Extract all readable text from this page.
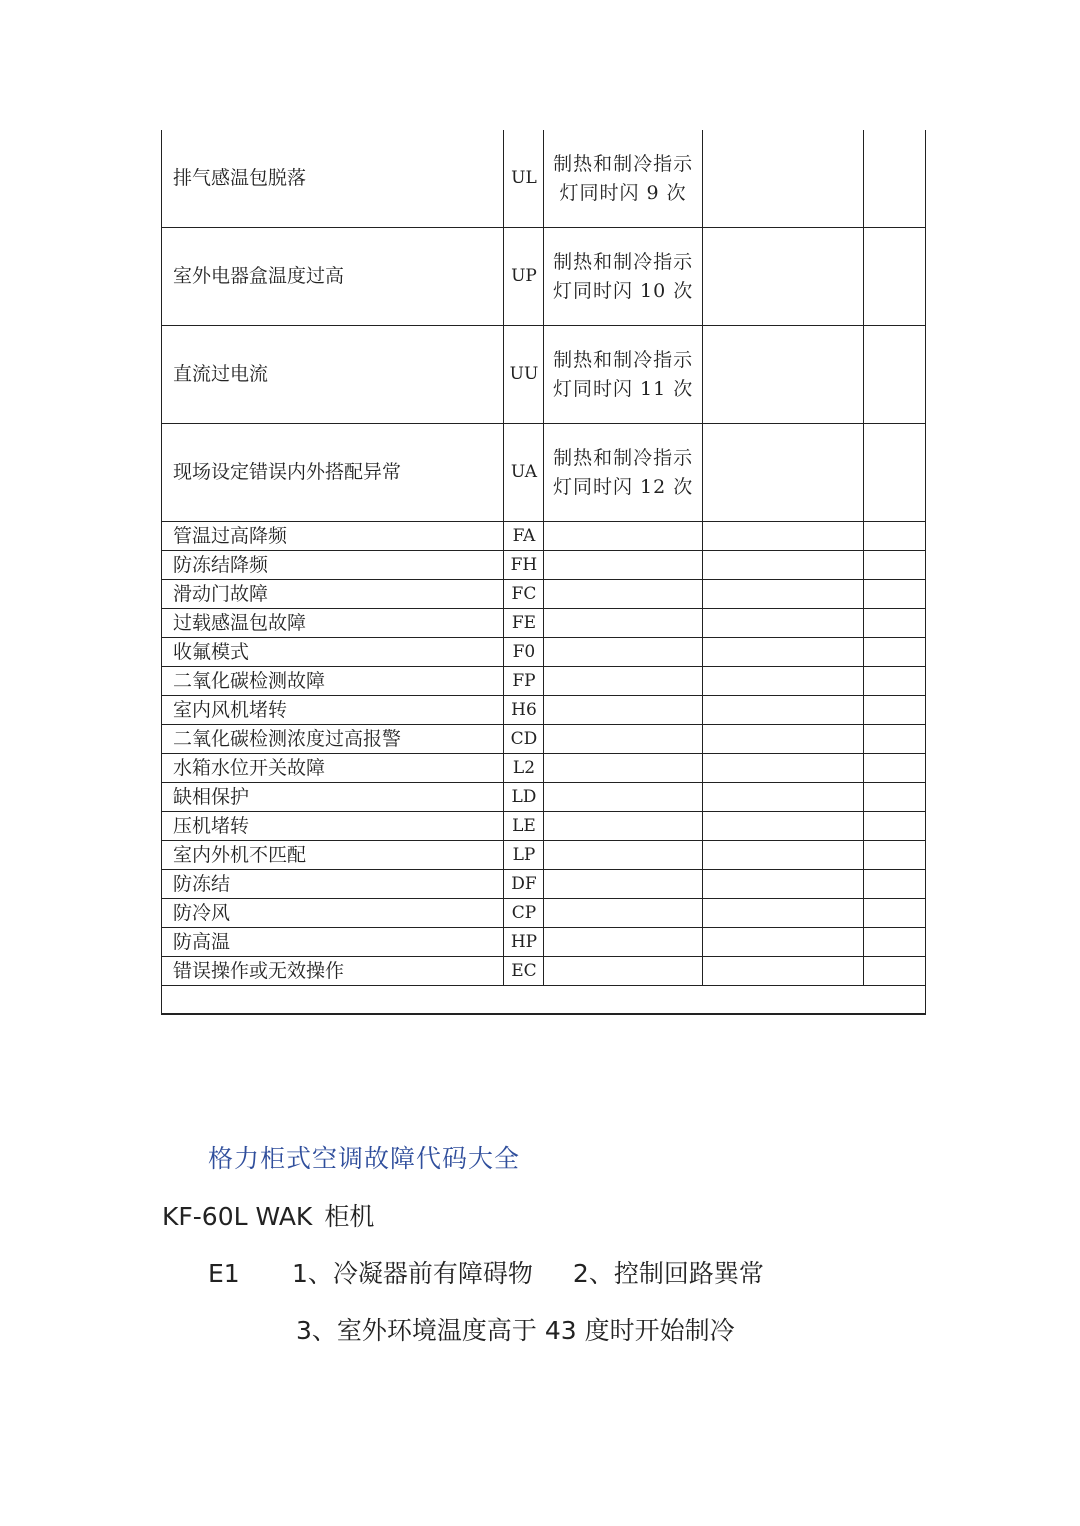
排气感温包脱落	UL	制热和制冷指示灯同时闪 9 次		
室外电器盒温度过高	UP	制热和制冷指示灯同时闪 10 次		
直流过电流	UU	制热和制冷指示灯同时闪 11 次		
现场设定错误内外搭配异常	UA	制热和制冷指示灯同时闪 12 次		
管温过高降频	FA			
防冻结降频	FH			
滑动门故障	FC			
过载感温包故障	FE			
收氟模式	F0			
二氧化碳检测故障	FP			
室内风机堵转	H6			
二氧化碳检测浓度过高报警	CD			
水箱水位开关故障	L2			
缺相保护	LD			
压机堵转	LE			
室内外机不匹配	LP			
防冻结	DF			
防冷风	CP			
防高温	HP			
错误操作或无效操作	EC			

格力柜式空调故障代码大全
KF-60L WAK 柜机
E1 1、冷凝器前有障碍物 2、控制回路巽常
3、室外环境温度高于 43 度时开始制冷
